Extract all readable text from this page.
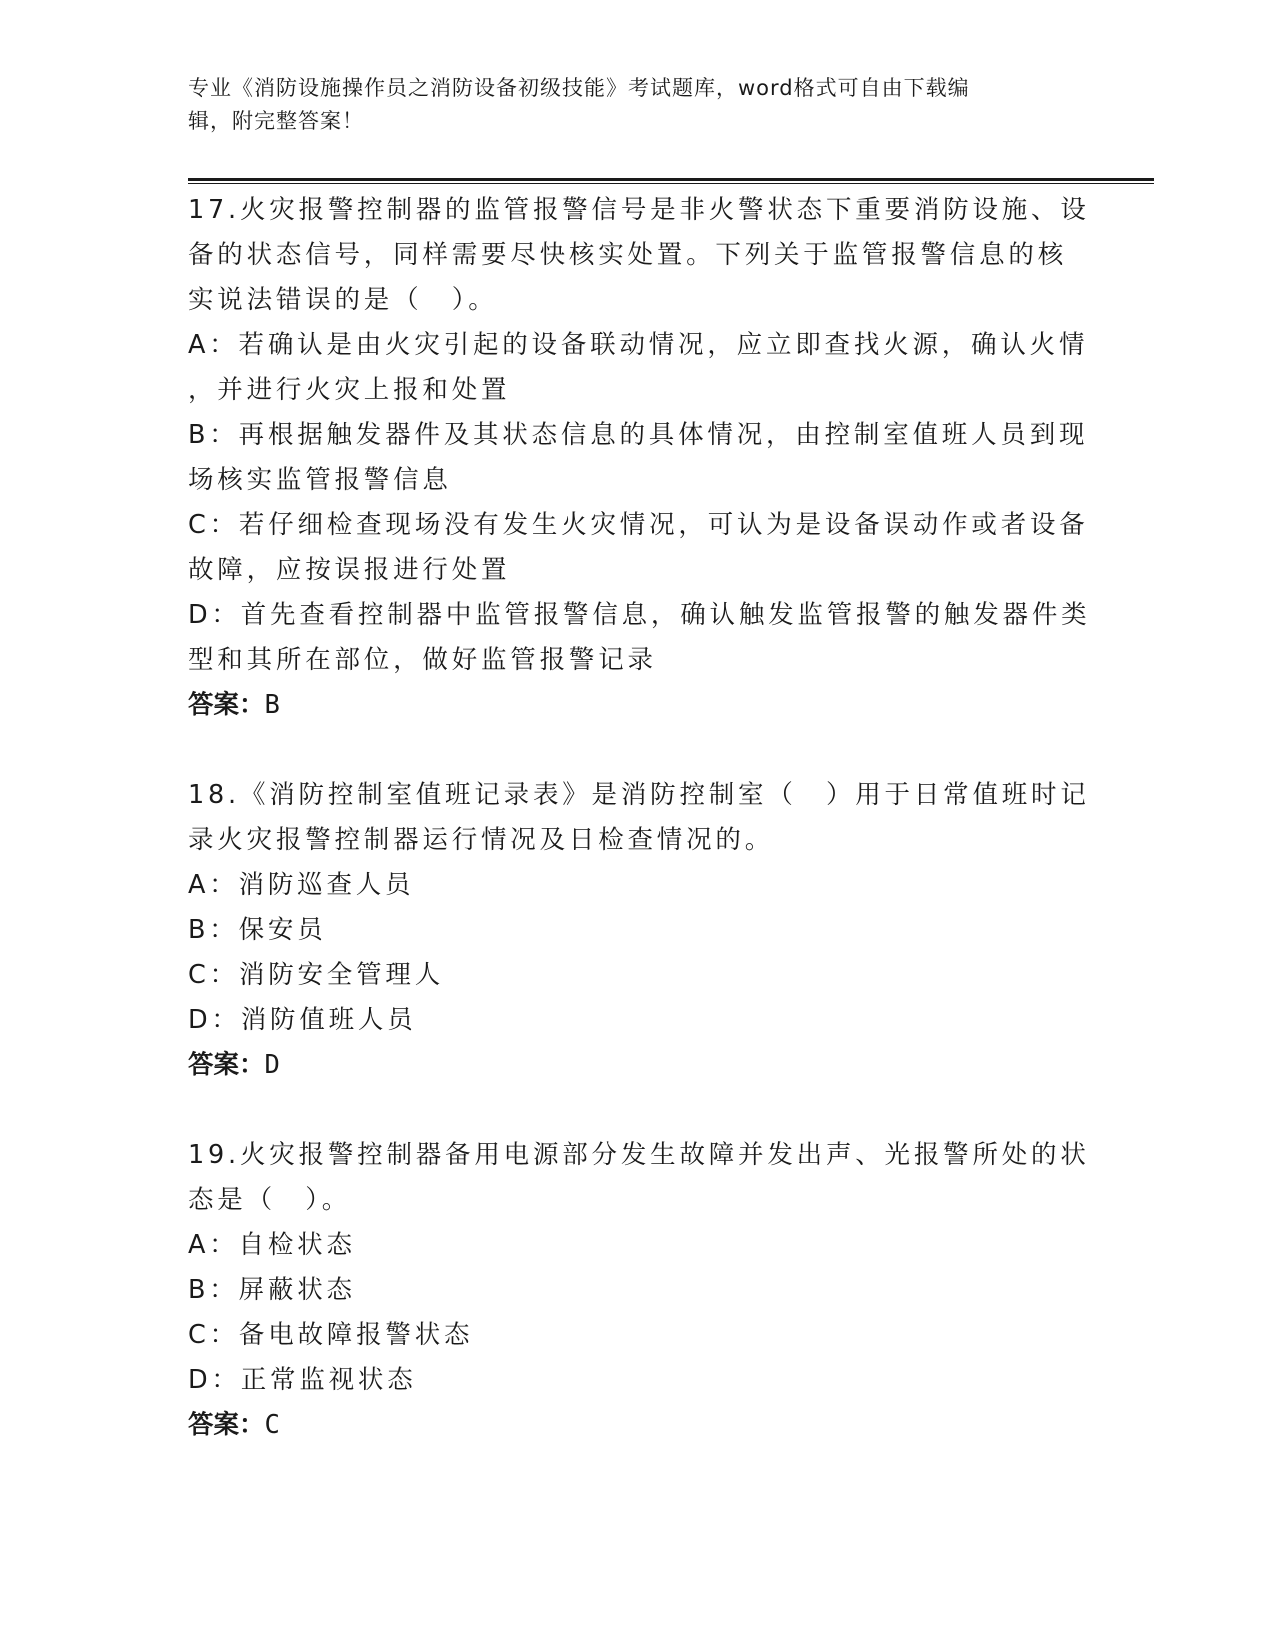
专业《消防设施操作员之消防设备初级技能》考试题库，word格式可自由下载编
辑，附完整答案！
17.火灾报警控制器的监管报警信号是非火警状态下重要消防设施、设
备的状态信号，同样需要尽快核实处置。下列关于监管报警信息的核
实说法错误的是（　）。
A：若确认是由火灾引起的设备联动情况，应立即查找火源，确认火情
，并进行火灾上报和处置
B：再根据触发器件及其状态信息的具体情况，由控制室值班人员到现
场核实监管报警信息
C：若仔细检查现场没有发生火灾情况，可认为是设备误动作或者设备
故障，应按误报进行处置
D：首先查看控制器中监管报警信息，确认触发监管报警的触发器件类
型和其所在部位，做好监管报警记录
答案：B
18.《消防控制室值班记录表》是消防控制室（　）用于日常值班时记
录火灾报警控制器运行情况及日检查情况的。
A：消防巡查人员
B：保安员
C：消防安全管理人
D：消防值班人员
答案：D
19.火灾报警控制器备用电源部分发生故障并发出声、光报警所处的状
态是（　）。
A：自检状态
B：屏蔽状态
C：备电故障报警状态
D：正常监视状态
答案：C
